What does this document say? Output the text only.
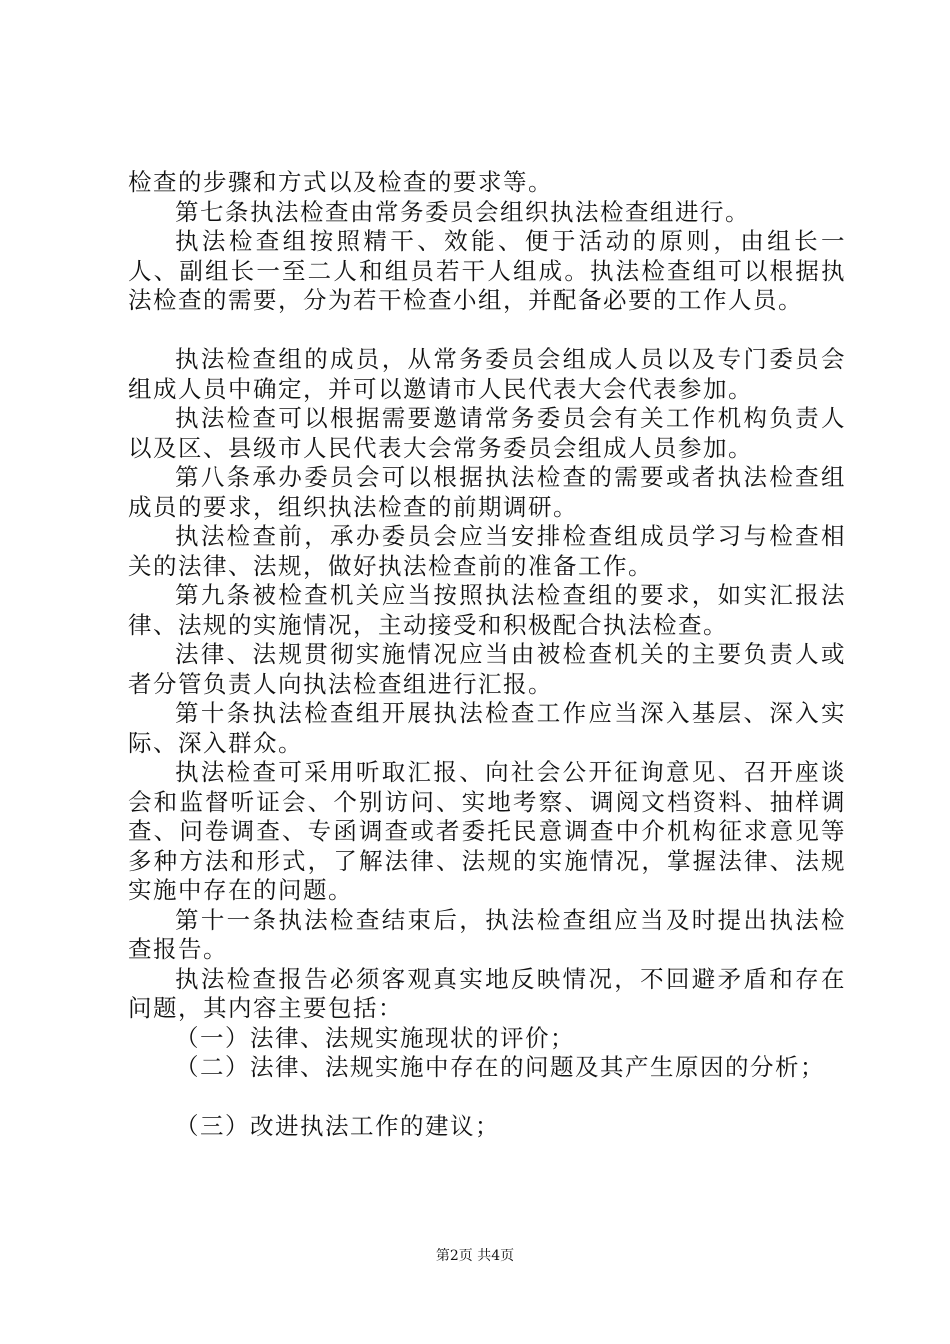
检查的步骤和方式以及检查的要求等。

第七条执法检查由常务委员会组织执法检查组进行。

执法检查组按照精干、效能、便于活动的原则，由组长一人、副组长一至二人和组员若干人组成。执法检查组可以根据执法检查的需要，分为若干检查小组，并配备必要的工作人员。

执法检查组的成员，从常务委员会组成人员以及专门委员会组成人员中确定，并可以邀请市人民代表大会代表参加。

执法检查可以根据需要邀请常务委员会有关工作机构负责人以及区、县级市人民代表大会常务委员会组成人员参加。

第八条承办委员会可以根据执法检查的需要或者执法检查组成员的要求，组织执法检查的前期调研。

执法检查前，承办委员会应当安排检查组成员学习与检查相关的法律、法规，做好执法检查前的准备工作。

第九条被检查机关应当按照执法检查组的要求，如实汇报法律、法规的实施情况，主动接受和积极配合执法检查。

法律、法规贯彻实施情况应当由被检查机关的主要负责人或者分管负责人向执法检查组进行汇报。

第十条执法检查组开展执法检查工作应当深入基层、深入实际、深入群众。

执法检查可采用听取汇报、向社会公开征询意见、召开座谈会和监督听证会、个别访问、实地考察、调阅文档资料、抽样调查、问卷调查、专函调查或者委托民意调查中介机构征求意见等多种方法和形式，了解法律、法规的实施情况，掌握法律、法规实施中存在的问题。

第十一条执法检查结束后，执法检查组应当及时提出执法检查报告。

执法检查报告必须客观真实地反映情况，不回避矛盾和存在问题，其内容主要包括：

（一）法律、法规实施现状的评价；

（二）法律、法规实施中存在的问题及其产生原因的分析；

（三）改进执法工作的建议；

第2页 共4页
